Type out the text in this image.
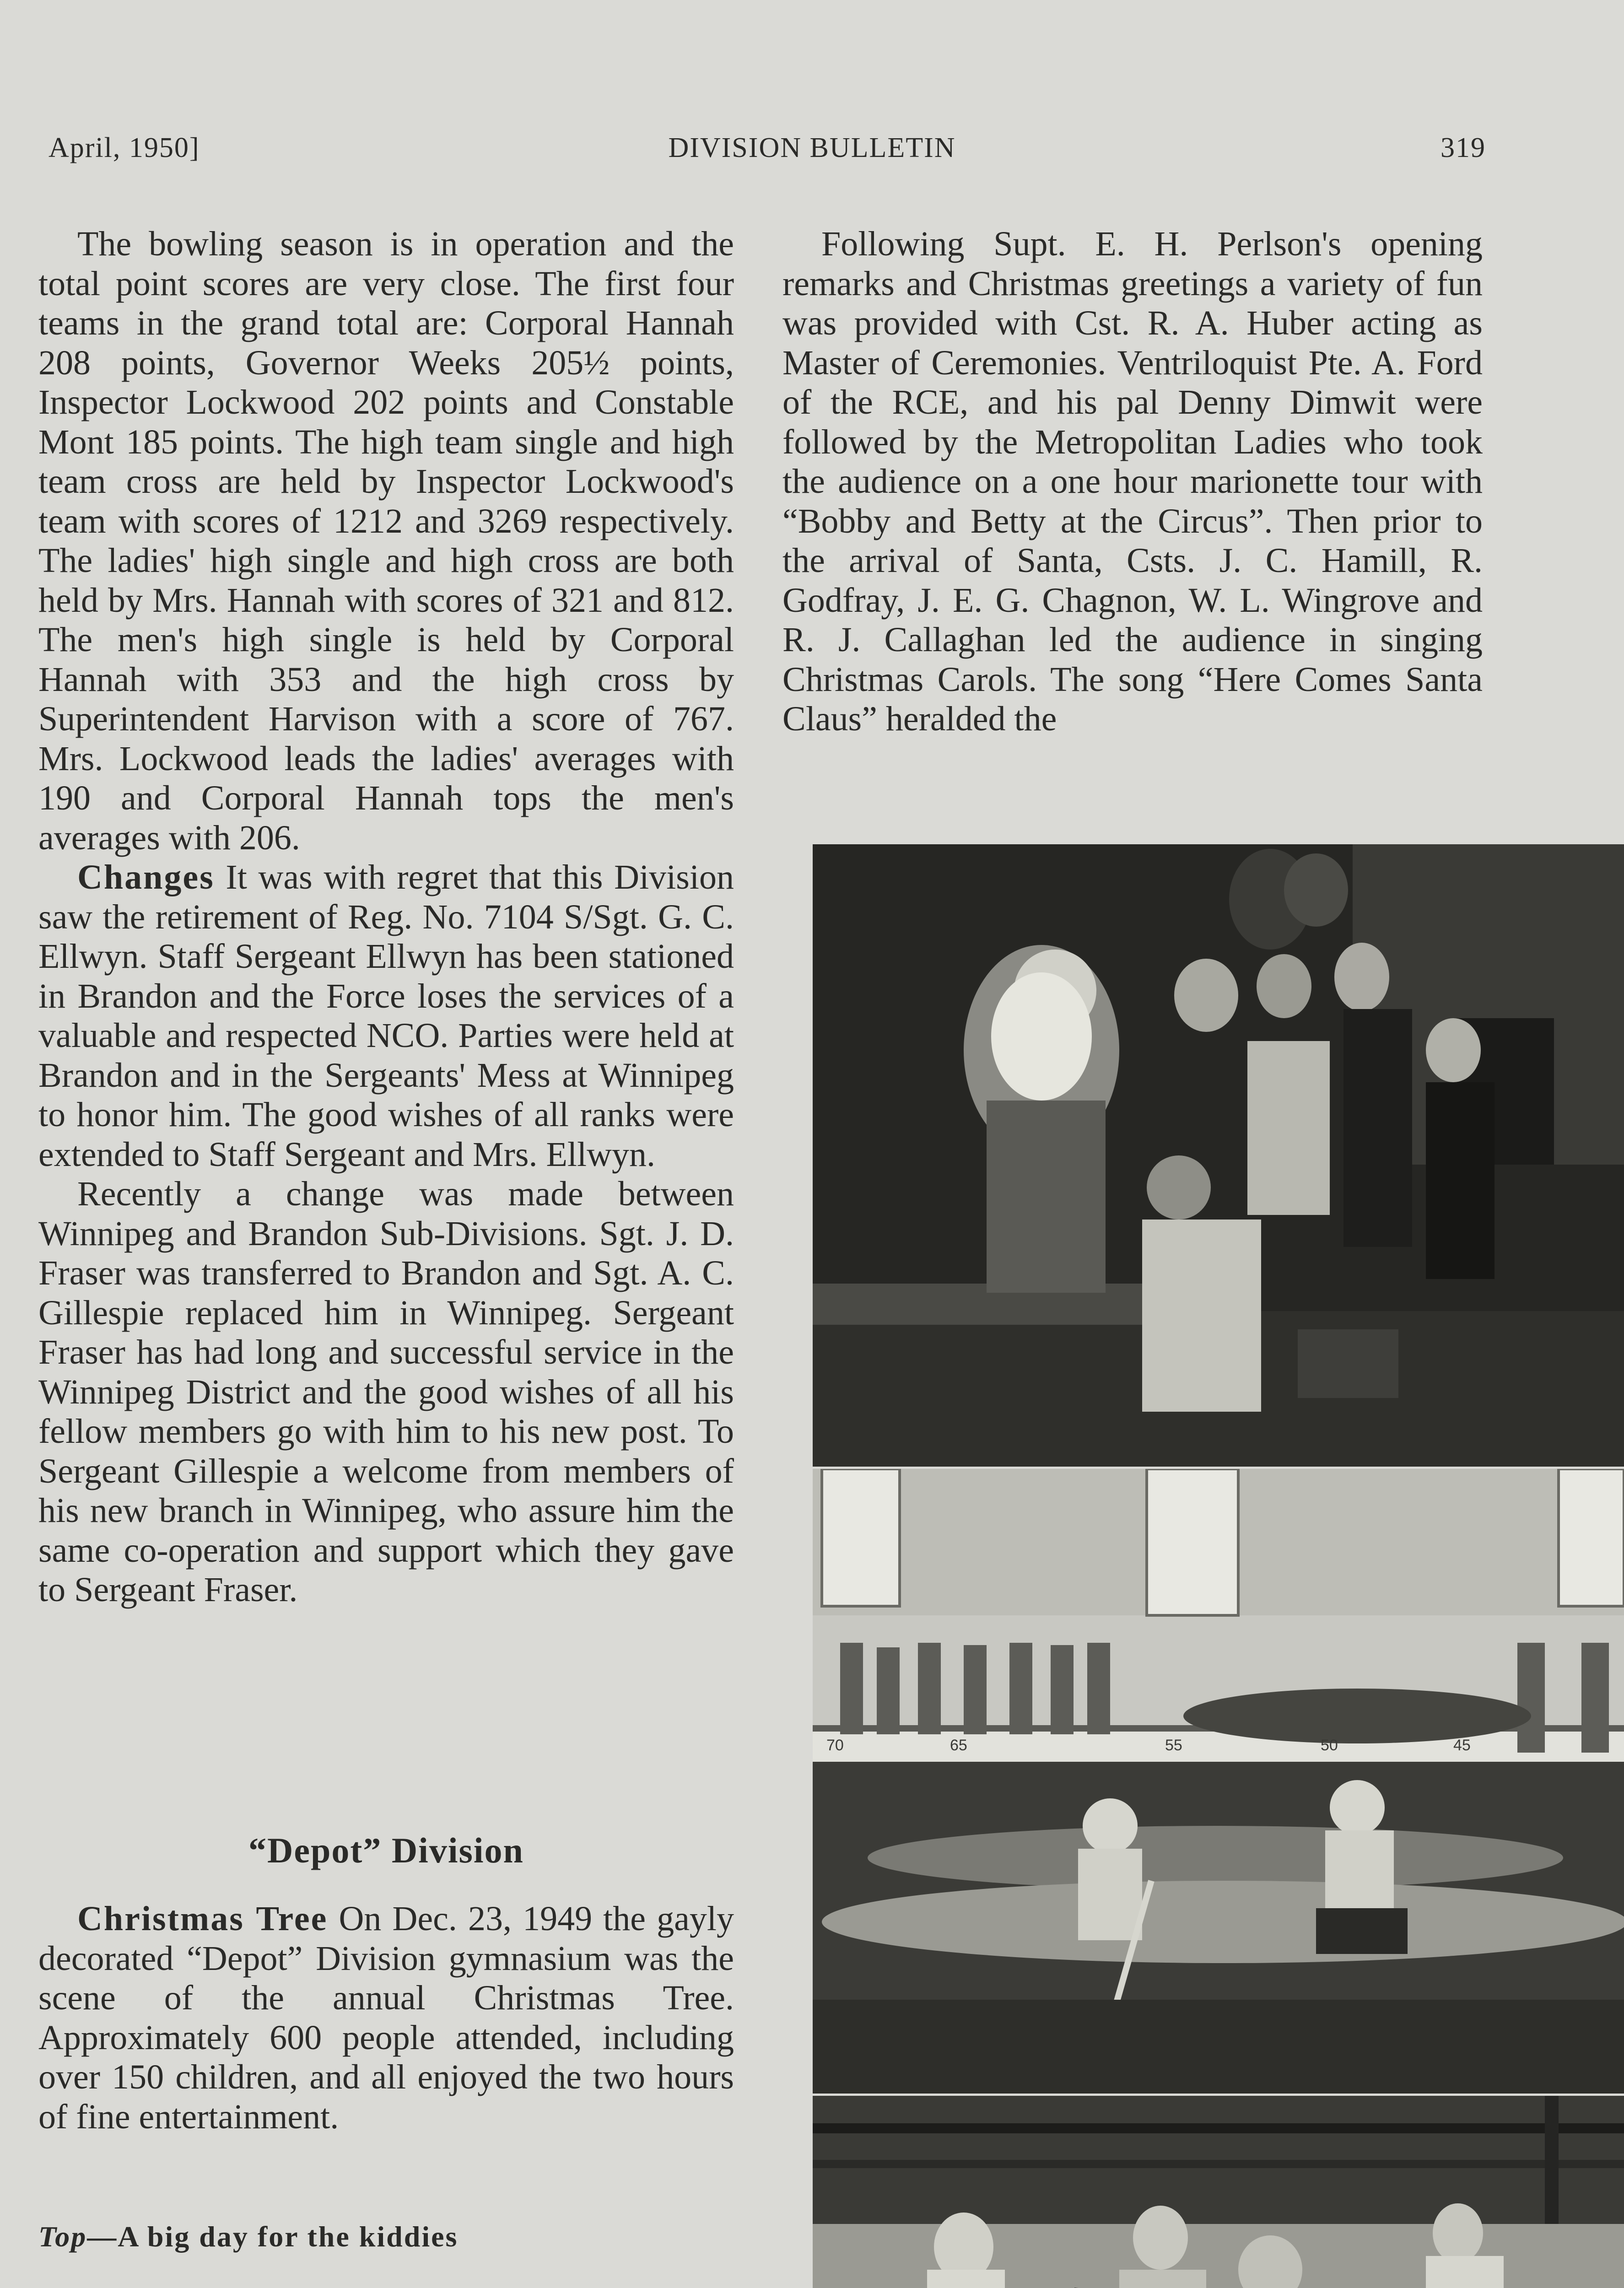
April, 1950]	DIVISION BULLETIN	319

The bowling season is in operation and the total point scores are very close. The first four teams in the grand total are: Corporal Hannah 208 points, Governor Weeks 205½ points, Inspector Lockwood 202 points and Constable Mont 185 points. The high team single and high team cross are held by Inspector Lockwood's team with scores of 1212 and 3269 respectively. The ladies' high single and high cross are both held by Mrs. Hannah with scores of 321 and 812. The men's high single is held by Corporal Hannah with 353 and the high cross by Superintendent Harvison with a score of 767. Mrs. Lockwood leads the ladies' averages with 190 and Corporal Hannah tops the men's averages with 206.

Changes It was with regret that this Division saw the retirement of Reg. No. 7104 S/Sgt. G. C. Ellwyn. Staff Sergeant Ellwyn has been stationed in Brandon and the Force loses the services of a valuable and respected NCO. Parties were held at Brandon and in the Sergeants' Mess at Winnipeg to honor him. The good wishes of all ranks were extended to Staff Sergeant and Mrs. Ellwyn.

Recently a change was made between Winnipeg and Brandon Sub-Divisions. Sgt. J. D. Fraser was transferred to Brandon and Sgt. A. C. Gillespie replaced him in Winnipeg. Sergeant Fraser has had long and successful service in the Winnipeg District and the good wishes of all his fellow members go with him to his new post. To Sergeant Gillespie a welcome from members of his new branch in Winnipeg, who assure him the same co-operation and support which they gave to Sergeant Fraser.

“Depot” Division

Christmas Tree On Dec. 23, 1949 the gayly decorated “Depot” Division gymnasium was the scene of the annual Christmas Tree. Approximately 600 people attended, including over 150 children, and all enjoyed the two hours of fine entertainment.

Top—A big day for the kiddies

Following Supt. E. H. Perlson's opening remarks and Christmas greetings a variety of fun was provided with Cst. R. A. Huber acting as Master of Ceremonies. Ventriloquist Pte. A. Ford of the RCE, and his pal Denny Dimwit were followed by the Metropolitan Ladies who took the audience on a one hour marionette tour with “Bobby and Betty at the Circus”. Then prior to the arrival of Santa, Csts. J. C. Hamill, R. Godfray, J. E. G. Chagnon, W. L. Wingrove and R. J. Callaghan led the audience in singing Christmas Carols. The song “Here Comes Santa Claus” heralded the

70	65	55	50	45
